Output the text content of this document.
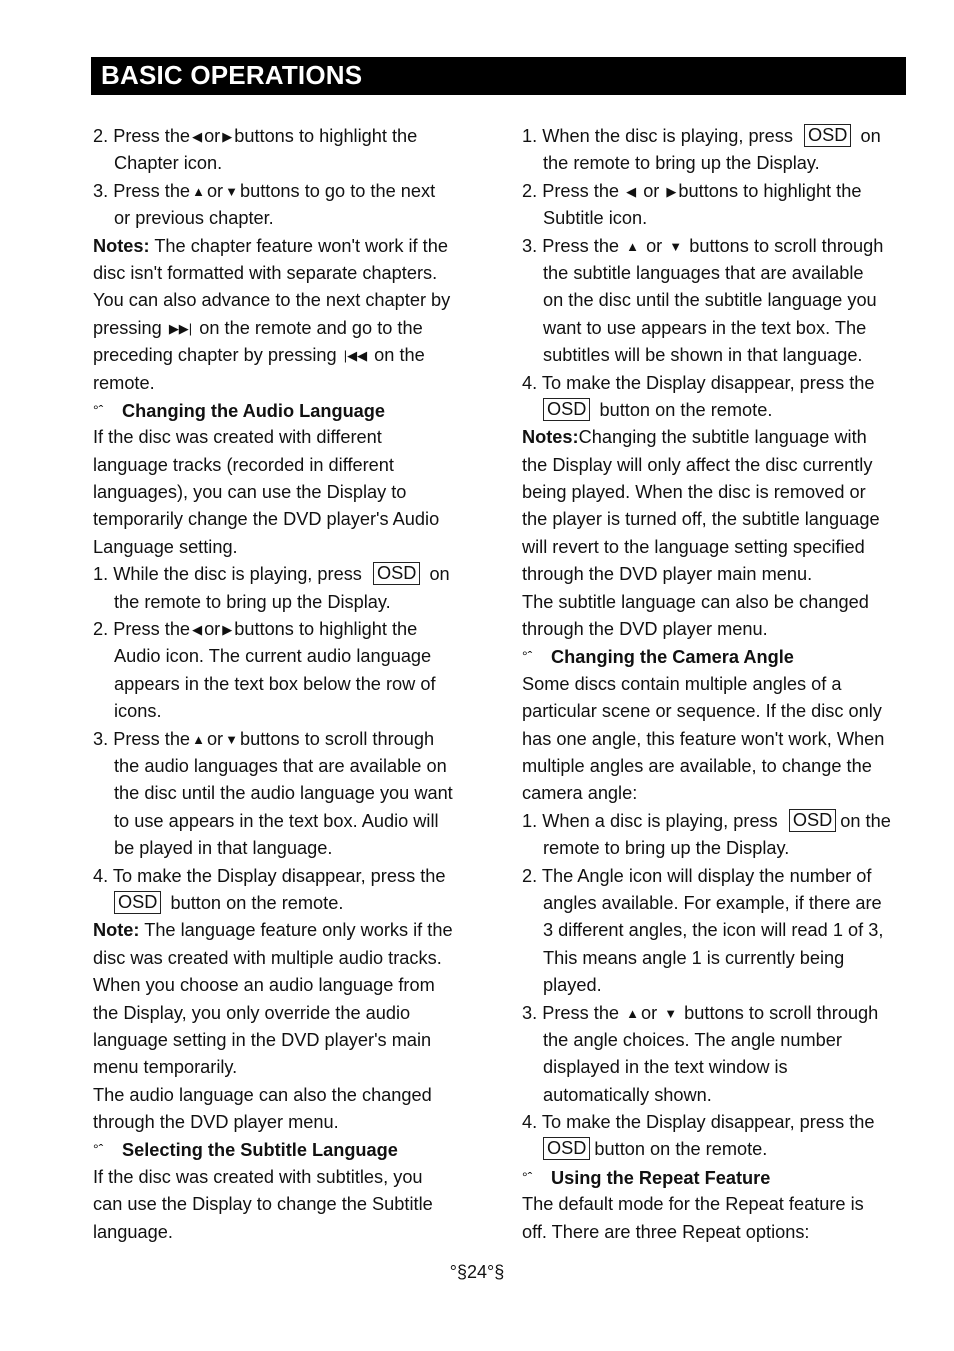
BASIC OPERATIONS
2. Press the ◀ or ▶ buttons to highlight the
Chapter icon.
3. Press the ▲ or ▼ buttons to go to the next
or previous chapter.
Notes: The chapter feature won't work if the
disc isn't formatted with separate chapters.
You can also advance to the next chapter by
pressing ▶▶| on the remote and go to the
preceding chapter by pressing |◀◀ on the
remote.
°ˆ Changing the Audio Language
If the disc was created with different
language tracks (recorded in different
languages), you can use the Display to
temporarily change the DVD player's Audio
Language setting.
1. While the disc is playing, press OSD on
the remote to bring up the Display.
2. Press the ◀ or ▶ buttons to highlight the
Audio icon. The current audio language
appears in the text box below the row of
icons.
3. Press the ▲ or ▼ buttons to scroll through
the audio languages that are available on
the disc until the audio language you want
to use appears in the text box. Audio will
be played in that language.
4. To make the Display disappear, press the
OSD button on the remote.
Note: The language feature only works if the
disc was created with multiple audio tracks.
When you choose an audio language from
the Display, you only override the audio
language setting in the DVD player's main
menu temporarily.
The audio language can also the changed
through the DVD player menu.
°ˆ Selecting the Subtitle Language
If the disc was created with subtitles, you
can use the Display to change the Subtitle
language.
1. When the disc is playing, press OSD on
the remote to bring up the Display.
2. Press the ◀ or ▶ buttons to highlight the
Subtitle icon.
3. Press the ▲ or ▼ buttons to scroll through
the subtitle languages that are available
on the disc until the subtitle language you
want to use appears in the text box. The
subtitles will be shown in that language.
4. To make the Display disappear, press the
OSD button on the remote.
Notes:Changing the subtitle language with
the Display will only affect the disc currently
being played. When the disc is removed or
the player is turned off, the subtitle language
will revert to the language setting specified
through the DVD player main menu.
The subtitle language can also be changed
through the DVD player menu.
°ˆ Changing the Camera Angle
Some discs contain multiple angles of a
particular scene or sequence. If the disc only
has one angle, this feature won't work, When
multiple angles are available, to change the
camera angle:
1. When a disc is playing, press OSD on the
remote to bring up the Display.
2. The Angle icon will display the number of
angles available. For example, if there are
3 different angles, the icon will read 1 of 3,
This means angle 1 is currently being
played.
3. Press the ▲ or ▼ buttons to scroll through
the angle choices. The angle number
displayed in the text window is
automatically shown.
4. To make the Display disappear, press the
OSD button on the remote.
°ˆ Using the Repeat Feature
The default mode for the Repeat feature is
off. There are three Repeat options:
°§24°§
